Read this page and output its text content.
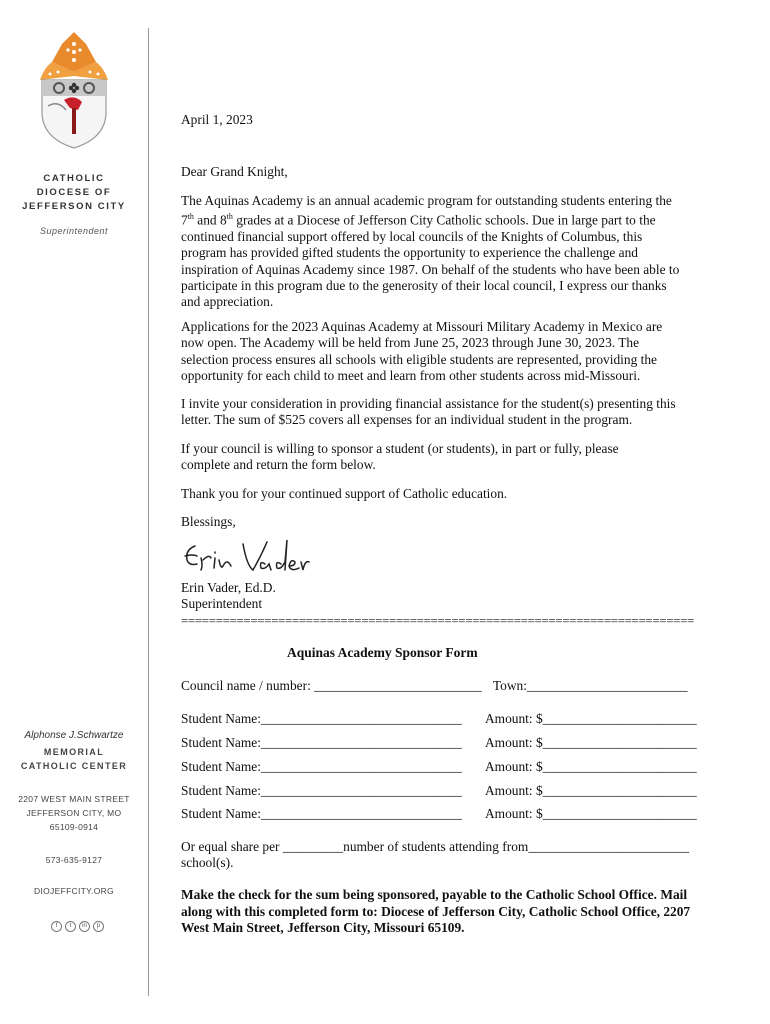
CATHOLIC
DIOCESE OF
JEFFERSON CITY
Superintendent
Alphonse J.Schwartze
MEMORIAL
CATHOLIC CENTER
2207 WEST MAIN STREET
JEFFERSON CITY, MO
65109-0914
573-635-9127
DIOJEFFCITY.ORG
f	t	in	p

April 1, 2023

Dear Grand Knight,

The Aquinas Academy is an annual academic program for outstanding students entering the 7th and 8th grades at a Diocese of Jefferson City Catholic schools. Due in large part to the continued financial support offered by local councils of the Knights of Columbus, this program has provided gifted students the opportunity to experience the challenge and inspiration of Aquinas Academy since 1987. On behalf of the students who have been able to participate in this program due to the generosity of their local council, I express our thanks and appreciation.

Applications for the 2023 Aquinas Academy at Missouri Military Academy in Mexico are now open. The Academy will be held from June 25, 2023 through June 30, 2023. The selection process ensures all schools with eligible students are represented, providing the opportunity for each child to meet and learn from other students across mid-Missouri.

I invite your consideration in providing financial assistance for the student(s) presenting this letter. The sum of $525 covers all expenses for an individual student in the program.

If your council is willing to sponsor a student (or students), in part or fully, please complete and return the form below.

Thank you for your continued support of Catholic education.

Blessings,

Erin Vader, Ed.D.

Superintendent

==========================================================================
Aquinas Academy Sponsor Form
Council name / number: _________________________ Town:________________________
Student Name:______________________________ Amount: $_______________________
Student Name:______________________________ Amount: $_______________________
Student Name:______________________________ Amount: $_______________________
Student Name:______________________________ Amount: $_______________________
Student Name:______________________________ Amount: $_______________________
Or equal share per _________number of students attending from________________________
school(s).

Make the check for the sum being sponsored, payable to the Catholic School Office. Mail along with this completed form to: Diocese of Jefferson City, Catholic School Office, 2207 West Main Street, Jefferson City, Missouri 65109.
